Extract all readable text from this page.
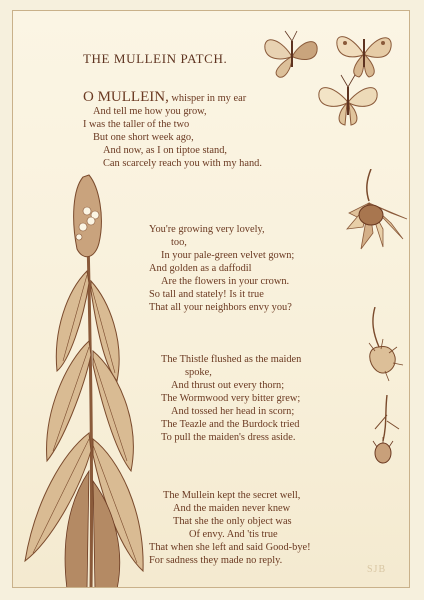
THE MULLEIN PATCH.

O MULLEIN, whisper in my ear
And tell me how you grow,
I was the taller of the two
But one short week ago,
And now, as I on tiptoe stand,
Can scarcely reach you with my hand.

You're growing very lovely,
too,
In your pale-green velvet gown;
And golden as a daffodil
Are the flowers in your crown.
So tall and stately! Is it true
That all your neighbors envy you?

The Thistle flushed as the maiden
spoke,
And thrust out every thorn;
The Wormwood very bitter grew;
And tossed her head in scorn;
The Teazle and the Burdock tried
To pull the maiden's dress aside.

The Mullein kept the secret well,
And the maiden never knew
That she the only object was
Of envy. And 'tis true
That when she left and said Good-bye!
For sadness they made no reply.

SJB
